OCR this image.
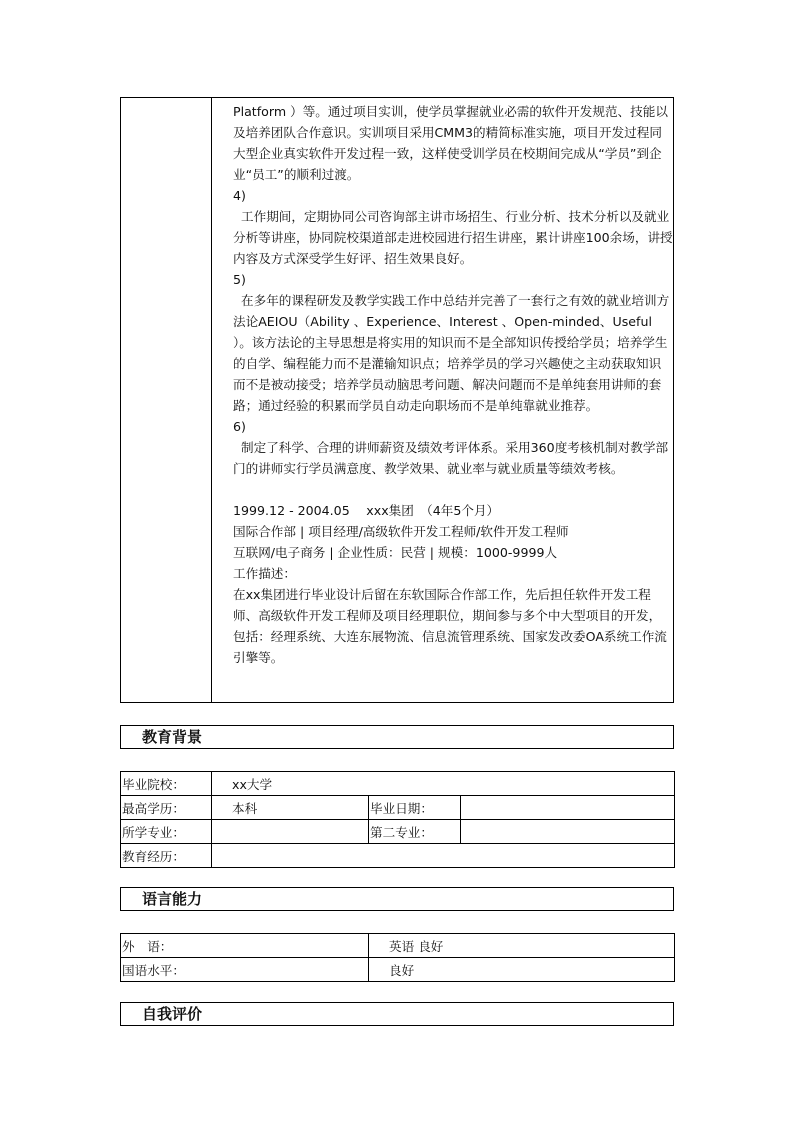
Platform ）等。通过项目实训，使学员掌握就业必需的软件开发规范、技能以及培养团队合作意识。实训项目采用CMM3的精简标准实施，项目开发过程同大型企业真实软件开发过程一致，这样使受训学员在校期间完成从“学员”到企业“员工”的顺利过渡。

4)

工作期间，定期协同公司咨询部主讲市场招生、行业分析、技术分析以及就业分析等讲座，协同院校渠道部走进校园进行招生讲座，累计讲座100余场，讲授内容及方式深受学生好评、招生效果良好。

5)

在多年的课程研发及教学实践工作中总结并完善了一套行之有效的就业培训方法论AEIOU（Ability 、Experience、Interest 、Open-minded、Useful ）。该方法论的主导思想是将实用的知识而不是全部知识传授给学员；培养学生的自学、编程能力而不是灌输知识点；培养学员的学习兴趣使之主动获取知识而不是被动接受；培养学员动脑思考问题、解决问题而不是单纯套用讲师的套路；通过经验的积累而学员自动走向职场而不是单纯靠就业推荐。

6)

制定了科学、合理的讲师薪资及绩效考评体系。采用360度考核机制对教学部门的讲师实行学员满意度、教学效果、就业率与就业质量等绩效考核。

1999.12 - 2004.05　 xxx集团　（4年5个月）

国际合作部 | 项目经理/高级软件开发工程师/软件开发工程师

互联网/电子商务 | 企业性质：民营 | 规模：1000-9999人

工作描述：

在xx集团进行毕业设计后留在东软国际合作部工作，先后担任软件开发工程师、高级软件开发工程师及项目经理职位，期间参与多个中大型项目的开发，包括：经理系统、大连东展物流、信息流管理系统、国家发改委OA系统工作流引擎等。

教育背景
毕业院校：	xx大学		
最高学历：	本科	毕业日期：	
所学专业：		第二专业：	
教育经历：			
语言能力
外　语：	英语 良好
国语水平：	良好
自我评价
